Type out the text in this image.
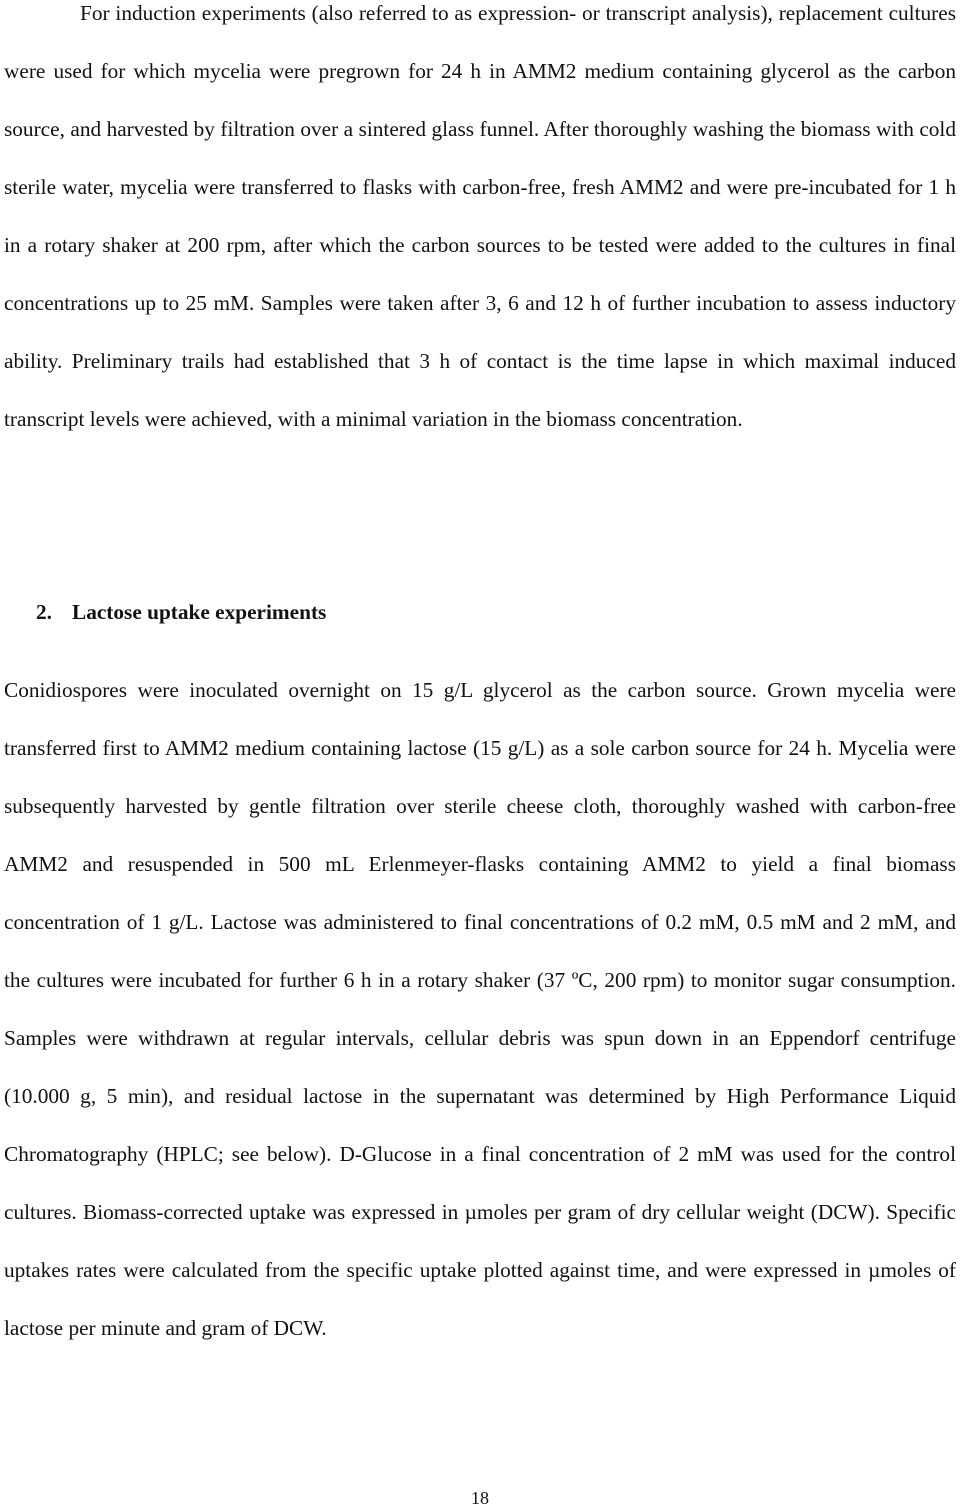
For induction experiments (also referred to as expression- or transcript analysis), replacement cultures were used for which mycelia were pregrown for 24 h in AMM2 medium containing glycerol as the carbon source, and harvested by filtration over a sintered glass funnel. After thoroughly washing the biomass with cold sterile water, mycelia were transferred to flasks with carbon-free, fresh AMM2 and were pre-incubated for 1 h in a rotary shaker at 200 rpm, after which the carbon sources to be tested were added to the cultures in final concentrations up to 25 mM. Samples were taken after 3, 6 and 12 h of further incubation to assess inductory ability. Preliminary trails had established that 3 h of contact is the time lapse in which maximal induced transcript levels were achieved, with a minimal variation in the biomass concentration.

2. Lactose uptake experiments

Conidiospores were inoculated overnight on 15 g/L glycerol as the carbon source. Grown mycelia were transferred first to AMM2 medium containing lactose (15 g/L) as a sole carbon source for 24 h. Mycelia were subsequently harvested by gentle filtration over sterile cheese cloth, thoroughly washed with carbon-free AMM2 and resuspended in 500 mL Erlenmeyer-flasks containing AMM2 to yield a final biomass concentration of 1 g/L. Lactose was administered to final concentrations of 0.2 mM, 0.5 mM and 2 mM, and the cultures were incubated for further 6 h in a rotary shaker (37 ºC, 200 rpm) to monitor sugar consumption. Samples were withdrawn at regular intervals, cellular debris was spun down in an Eppendorf centrifuge (10.000 g, 5 min), and residual lactose in the supernatant was determined by High Performance Liquid Chromatography (HPLC; see below). D-Glucose in a final concentration of 2 mM was used for the control cultures. Biomass-corrected uptake was expressed in µmoles per gram of dry cellular weight (DCW). Specific uptakes rates were calculated from the specific uptake plotted against time, and were expressed in µmoles of lactose per minute and gram of DCW.

18
